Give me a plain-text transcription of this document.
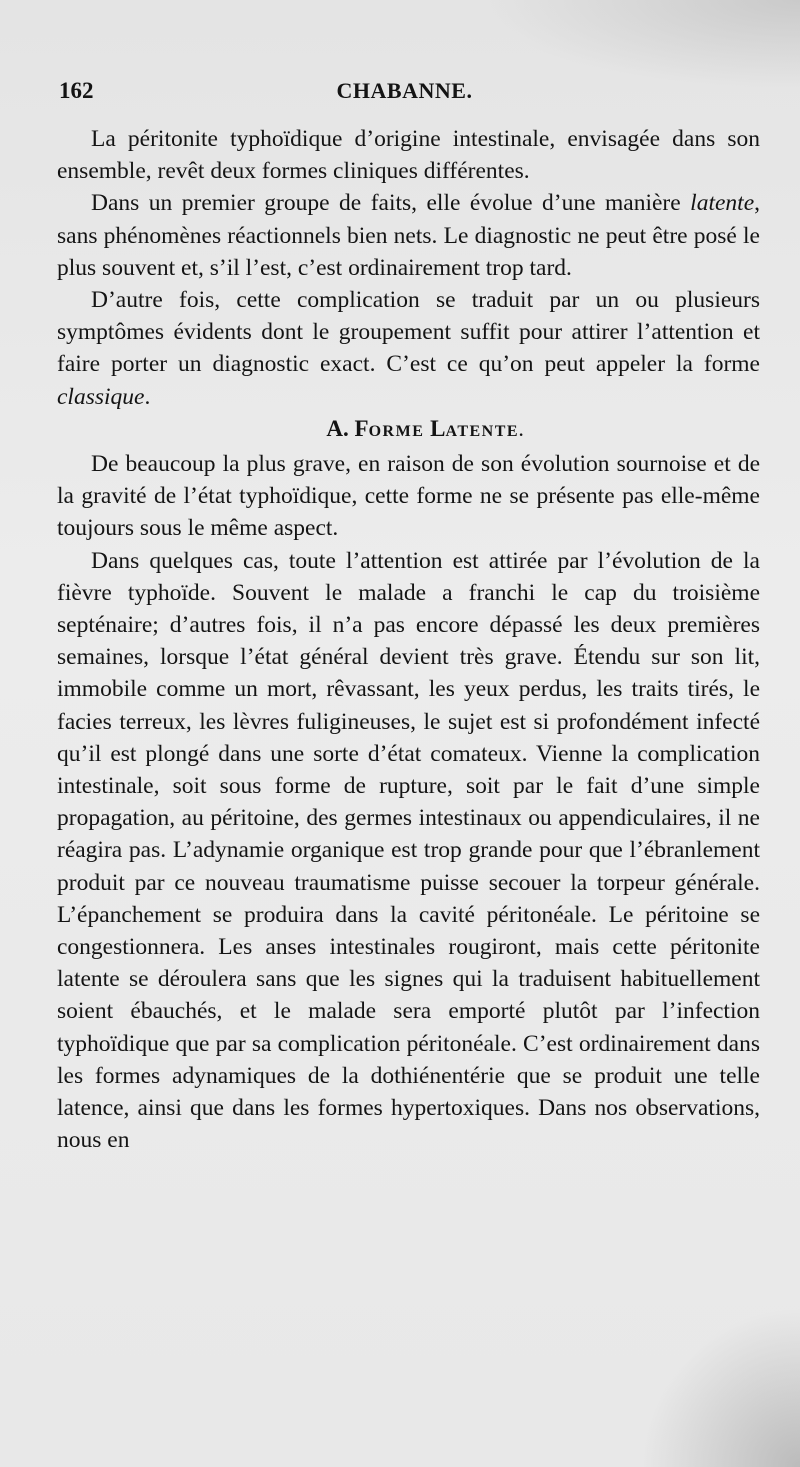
162	CHABANNE.

La péritonite typhoïdique d’origine intestinale, envisagée dans son ensemble, revêt deux formes cliniques différentes.

Dans un premier groupe de faits, elle évolue d’une manière latente, sans phénomènes réactionnels bien nets. Le diagnostic ne peut être posé le plus souvent et, s’il l’est, c’est ordinairement trop tard.

D’autre fois, cette complication se traduit par un ou plusieurs symptômes évidents dont le groupement suffit pour attirer l’attention et faire porter un diagnostic exact. C’est ce qu’on peut appeler la forme classique.

A. FORME LATENTE.

De beaucoup la plus grave, en raison de son évolution sournoise et de la gravité de l’état typhoïdique, cette forme ne se présente pas elle-même toujours sous le même aspect.

Dans quelques cas, toute l’attention est attirée par l’évolution de la fièvre typhoïde. Souvent le malade a franchi le cap du troisième septénaire; d’autres fois, il n’a pas encore dépassé les deux premières semaines, lorsque l’état général devient très grave. Étendu sur son lit, immobile comme un mort, rêvassant, les yeux perdus, les traits tirés, le facies terreux, les lèvres fuligineuses, le sujet est si profondément infecté qu’il est plongé dans une sorte d’état comateux. Vienne la complication intestinale, soit sous forme de rupture, soit par le fait d’une simple propagation, au péritoine, des germes intestinaux ou appendiculaires, il ne réagira pas. L’adynamie organique est trop grande pour que l’ébranlement produit par ce nouveau traumatisme puisse secouer la torpeur générale. L’épanchement se produira dans la cavité péritonéale. Le péritoine se congestionnera. Les anses intestinales rougiront, mais cette péritonite latente se déroulera sans que les signes qui la traduisent habituellement soient ébauchés, et le malade sera emporté plutôt par l’infection typhoïdique que par sa complication péritonéale. C’est ordinairement dans les formes adynamiques de la dothiénentérie que se produit une telle latence, ainsi que dans les formes hypertoxiques. Dans nos observations, nous en
